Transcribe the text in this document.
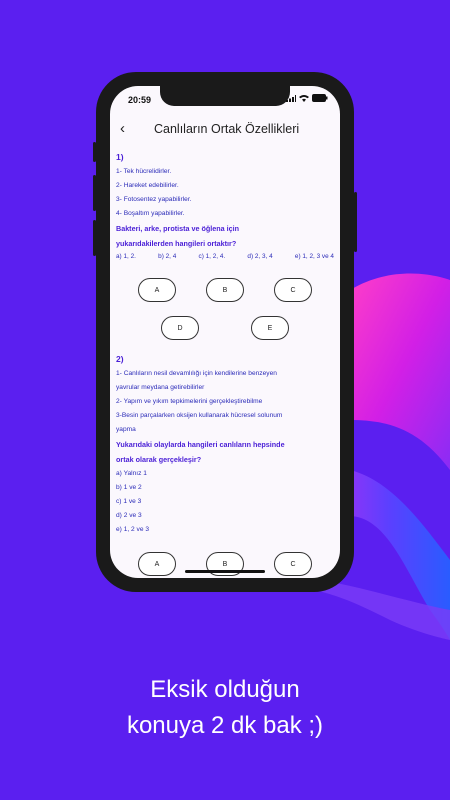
20:59
‹ Canlıların Ortak Özellikleri
1)
1- Tek hücrelidirler.
2- Hareket edebilirler.
3- Fotosentez yapabilirler.
4- Boşaltım yapabilirler.
Bakteri, arke, protista ve öğlena için
yukarıdakilerden hangileri ortaktır?
a) 1, 2.	b) 2, 4	c) 1, 2, 4.	d) 2, 3, 4	e) 1, 2, 3 ve 4
A	B	C
D	E
2)
1- Canlıların nesil devamlılığı için kendilerine benzeyen
yavrular meydana getirebilirler
2- Yapım ve yıkım tepkimelerini gerçekleştirebilme
3-Besin parçalarken oksijen kullanarak hücresel solunum
yapma
Yukarıdaki olaylarda hangileri canlıların hepsinde
ortak olarak gerçekleşir?
a) Yalnız 1
b) 1 ve 2
c) 1 ve 3
d) 2 ve 3
e) 1, 2 ve 3
A	B	C
Eksik olduğun
konuya 2 dk bak ;)
